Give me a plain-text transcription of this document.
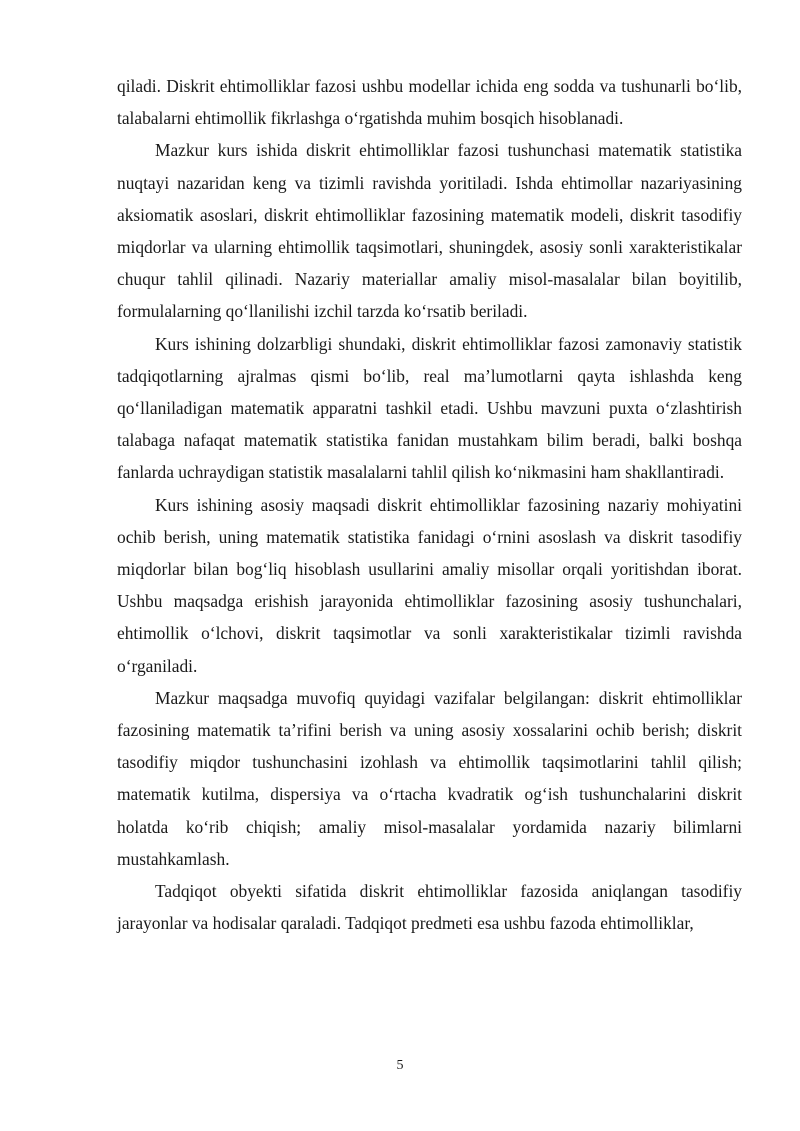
qiladi. Diskrit ehtimolliklar fazosi ushbu modellar ichida eng sodda va tushunarli bo‘lib, talabalarni ehtimollik fikrlashga o‘rgatishda muhim bosqich hisoblanadi.

Mazkur kurs ishida diskrit ehtimolliklar fazosi tushunchasi matematik statistika nuqtayi nazaridan keng va tizimli ravishda yoritiladi. Ishda ehtimollar nazariyasining aksiomatik asoslari, diskrit ehtimolliklar fazosining matematik modeli, diskrit tasodifiy miqdorlar va ularning ehtimollik taqsimotlari, shuningdek, asosiy sonli xarakteristikalar chuqur tahlil qilinadi. Nazariy materiallar amaliy misol-masalalar bilan boyitilib, formulalarning qo‘llanilishi izchil tarzda ko‘rsatib beriladi.

Kurs ishining dolzarbligi shundaki, diskrit ehtimolliklar fazosi zamonaviy statistik tadqiqotlarning ajralmas qismi bo‘lib, real ma’lumotlarni qayta ishlashda keng qo‘llaniladigan matematik apparatni tashkil etadi. Ushbu mavzuni puxta o‘zlashtirish talabaga nafaqat matematik statistika fanidan mustahkam bilim beradi, balki boshqa fanlarda uchraydigan statistik masalalarni tahlil qilish ko‘nikmasini ham shakllantiradi.

Kurs ishining asosiy maqsadi diskrit ehtimolliklar fazosining nazariy mohiyatini ochib berish, uning matematik statistika fanidagi o‘rnini asoslash va diskrit tasodifiy miqdorlar bilan bog‘liq hisoblash usullarini amaliy misollar orqali yoritishdan iborat. Ushbu maqsadga erishish jarayonida ehtimolliklar fazosining asosiy tushunchalari, ehtimollik o‘lchovi, diskrit taqsimotlar va sonli xarakteristikalar tizimli ravishda o‘rganiladi.

Mazkur maqsadga muvofiq quyidagi vazifalar belgilangan: diskrit ehtimolliklar fazosining matematik ta’rifini berish va uning asosiy xossalarini ochib berish; diskrit tasodifiy miqdor tushunchasini izohlash va ehtimollik taqsimotlarini tahlil qilish; matematik kutilma, dispersiya va o‘rtacha kvadratik og‘ish tushunchalarini diskrit holatda ko‘rib chiqish; amaliy misol-masalalar yordamida nazariy bilimlarni mustahkamlash.

Tadqiqot obyekti sifatida diskrit ehtimolliklar fazosida aniqlangan tasodifiy jarayonlar va hodisalar qaraladi. Tadqiqot predmeti esa ushbu fazoda ehtimolliklar,

5
